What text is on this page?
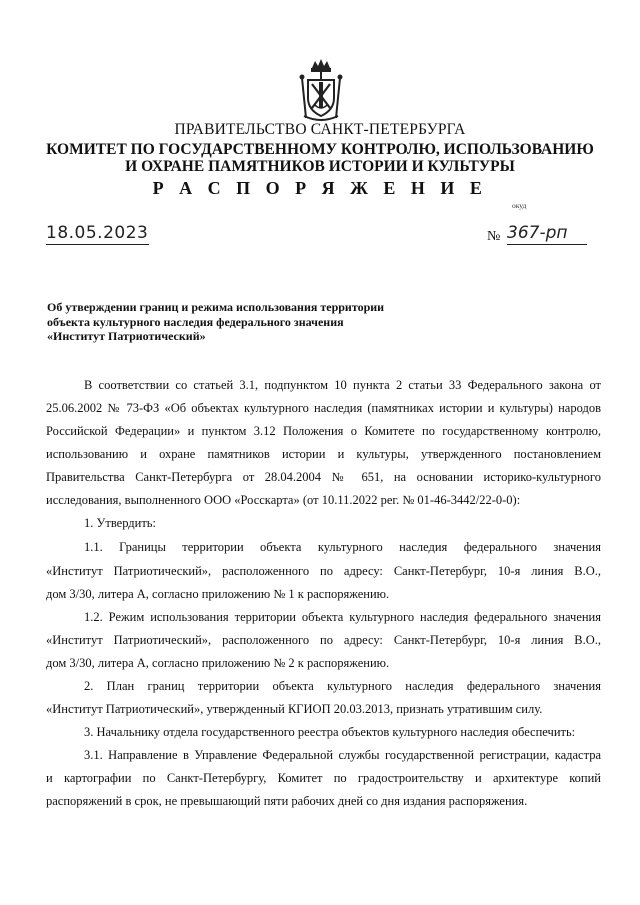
ПРАВИТЕЛЬСТВО САНКТ-ПЕТЕРБУРГА
КОМИТЕТ ПО ГОСУДАРСТВЕННОМУ КОНТРОЛЮ, ИСПОЛЬЗОВАНИЮ
И ОХРАНЕ ПАМЯТНИКОВ ИСТОРИИ И КУЛЬТУРЫ
Р А С П О Р Я Ж Е Н И Е
окуд
18.05.2023	№ 367-рп
Об утверждении границ и режима использования территории
объекта культурного наследия федерального значения
«Институт Патриотический»
В соответствии со статьей 3.1, подпунктом 10 пункта 2 статьи 33 Федерального закона от
25.06.2002 № 73-ФЗ «Об объектах культурного наследия (памятниках истории и культуры) народов
Российской Федерации» и пунктом 3.12 Положения о Комитете по государственному контролю,
использованию и охране памятников истории и культуры, утвержденного постановлением
Правительства Санкт-Петербурга от 28.04.2004 № 651, на основании историко-культурного
исследования, выполненного ООО «Росскарта» (от 10.11.2022 рег. № 01-46-3442/22-0-0):
1. Утвердить:
1.1. Границы территории объекта культурного наследия федерального значения
«Институт Патриотический», расположенного по адресу: Санкт-Петербург, 10-я линия В.О.,
дом 3/30, литера А, согласно приложению № 1 к распоряжению.
1.2. Режим использования территории объекта культурного наследия федерального значения
«Институт Патриотический», расположенного по адресу: Санкт-Петербург, 10-я линия В.О.,
дом 3/30, литера А, согласно приложению № 2 к распоряжению.
2. План границ территории объекта культурного наследия федерального значения
«Институт Патриотический», утвержденный КГИОП 20.03.2013, признать утратившим силу.
3. Начальнику отдела государственного реестра объектов культурного наследия обеспечить:
3.1. Направление в Управление Федеральной службы государственной регистрации, кадастра
и картографии по Санкт-Петербургу, Комитет по градостроительству и архитектуре копий
распоряжений в срок, не превышающий пяти рабочих дней со дня издания распоряжения.
